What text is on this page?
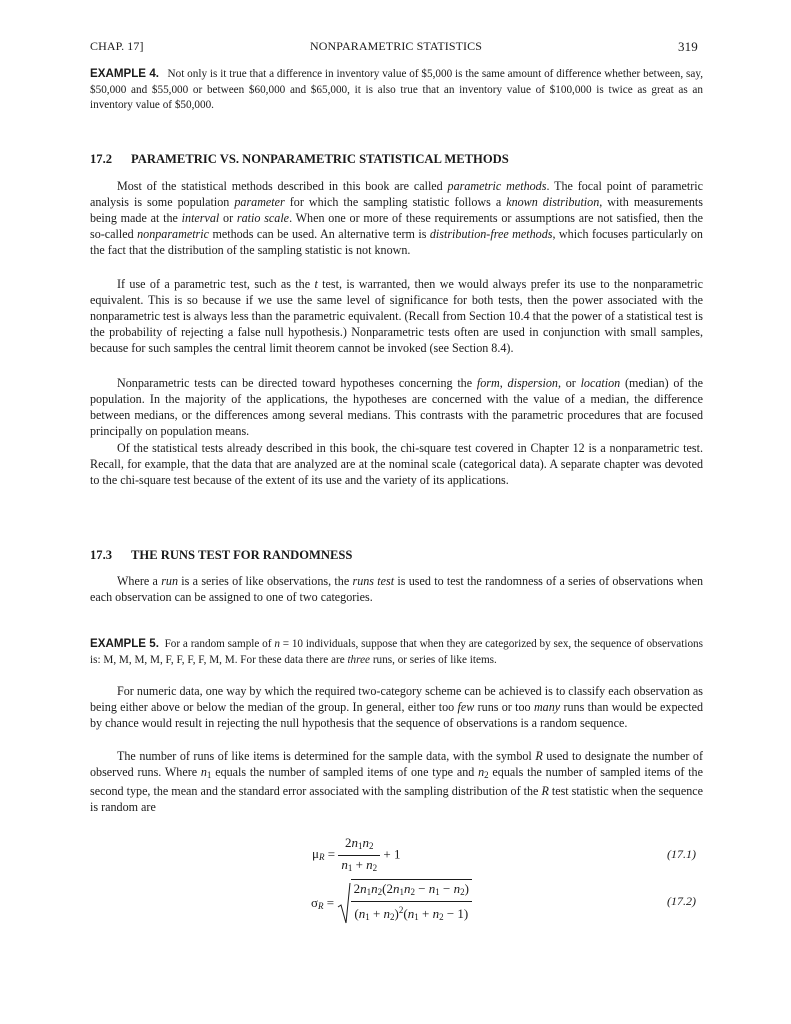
CHAP. 17]	NONPARAMETRIC STATISTICS	319

EXAMPLE 4. Not only is it true that a difference in inventory value of $5,000 is the same amount of difference whether between, say, $50,000 and $55,000 or between $60,000 and $65,000, it is also true that an inventory value of $100,000 is twice as great as an inventory value of $50,000.

17.2 PARAMETRIC VS. NONPARAMETRIC STATISTICAL METHODS

Most of the statistical methods described in this book are called parametric methods. The focal point of parametric analysis is some population parameter for which the sampling statistic follows a known distribution, with measurements being made at the interval or ratio scale. When one or more of these requirements or assumptions are not satisfied, then the so-called nonparametric methods can be used. An alternative term is distribution-free methods, which focuses particularly on the fact that the distribution of the sampling statistic is not known.

If use of a parametric test, such as the t test, is warranted, then we would always prefer its use to the nonparametric equivalent. This is so because if we use the same level of significance for both tests, then the power associated with the nonparametric test is always less than the parametric equivalent. (Recall from Section 10.4 that the power of a statistical test is the probability of rejecting a false null hypothesis.) Nonparametric tests often are used in conjunction with small samples, because for such samples the central limit theorem cannot be invoked (see Section 8.4).

Nonparametric tests can be directed toward hypotheses concerning the form, dispersion, or location (median) of the population. In the majority of the applications, the hypotheses are concerned with the value of a median, the difference between medians, or the differences among several medians. This contrasts with the parametric procedures that are focused principally on population means.

Of the statistical tests already described in this book, the chi-square test covered in Chapter 12 is a nonparametric test. Recall, for example, that the data that are analyzed are at the nominal scale (categorical data). A separate chapter was devoted to the chi-square test because of the extent of its use and the variety of its applications.

17.3 THE RUNS TEST FOR RANDOMNESS

Where a run is a series of like observations, the runs test is used to test the randomness of a series of observations when each observation can be assigned to one of two categories.

EXAMPLE 5. For a random sample of n = 10 individuals, suppose that when they are categorized by sex, the sequence of observations is: M, M, M, M, F, F, F, F, M, M. For these data there are three runs, or series of like items.

For numeric data, one way by which the required two-category scheme can be achieved is to classify each observation as being either above or below the median of the group. In general, either too few runs or too many runs than would be expected by chance would result in rejecting the null hypothesis that the sequence of observations is a random sequence.

The number of runs of like items is determined for the sample data, with the symbol R used to designate the number of observed runs. Where $n_1$ equals the number of sampled items of one type and $n_2$ equals the number of sampled items of the second type, the mean and the standard error associated with the sampling distribution of the R test statistic when the sequence is random are

$\mu_R = \frac{2n_1n_2}{n_1 + n_2} + 1$	(17.1)
$\sigma_R = \frac{2n_1n_2(2n_1n_2 - n_1 - n_2)}{(n_1 + n_2)^2(n_1 + n_2 - 1)}$	(17.2)
